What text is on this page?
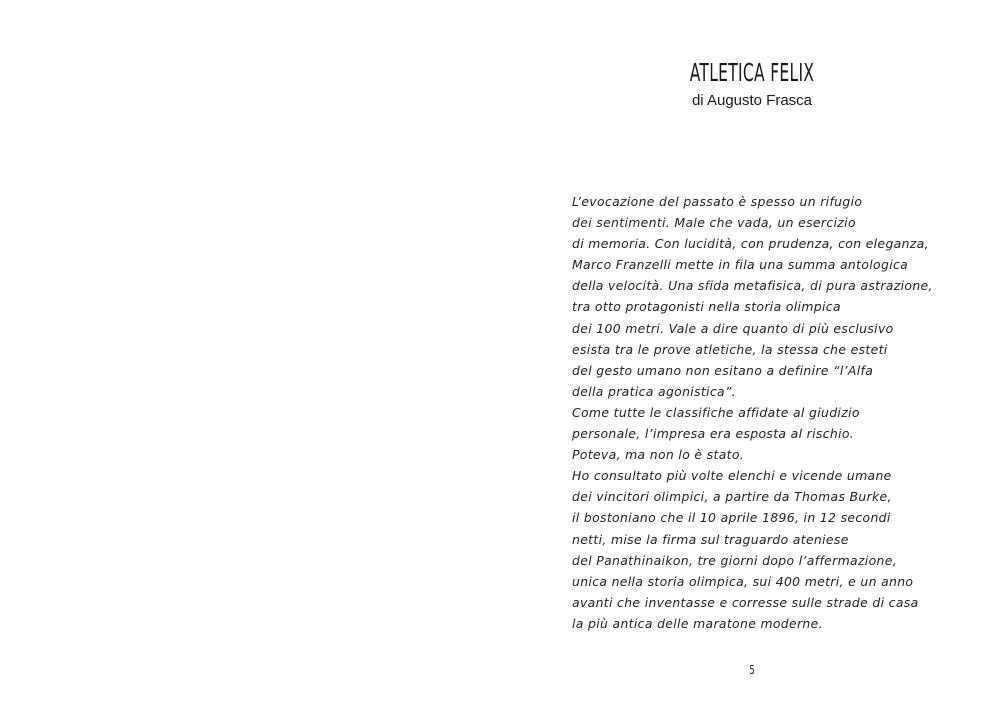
ATLETICA FELIX
di Augusto Frasca
L’evocazione del passato è spesso un rifugio
dei sentimenti. Male che vada, un esercizio
di memoria. Con lucidità, con prudenza, con eleganza,
Marco Franzelli mette in fila una summa antologica
della velocità. Una sfida metafisica, di pura astrazione,
tra otto protagonisti nella storia olimpica
dei 100 metri. Vale a dire quanto di più esclusivo
esista tra le prove atletiche, la stessa che esteti
del gesto umano non esitano a definire “l’Alfa
della pratica agonistica”.
Come tutte le classifiche affidate al giudizio
personale, l’impresa era esposta al rischio.
Poteva, ma non lo è stato.
Ho consultato più volte elenchi e vicende umane
dei vincitori olimpici, a partire da Thomas Burke,
il bostoniano che il 10 aprile 1896, in 12 secondi
netti, mise la firma sul traguardo ateniese
del Panathinaikon, tre giorni dopo l’affermazione,
unica nella storia olimpica, sui 400 metri, e un anno
avanti che inventasse e corresse sulle strade di casa
la più antica delle maratone moderne.
5
